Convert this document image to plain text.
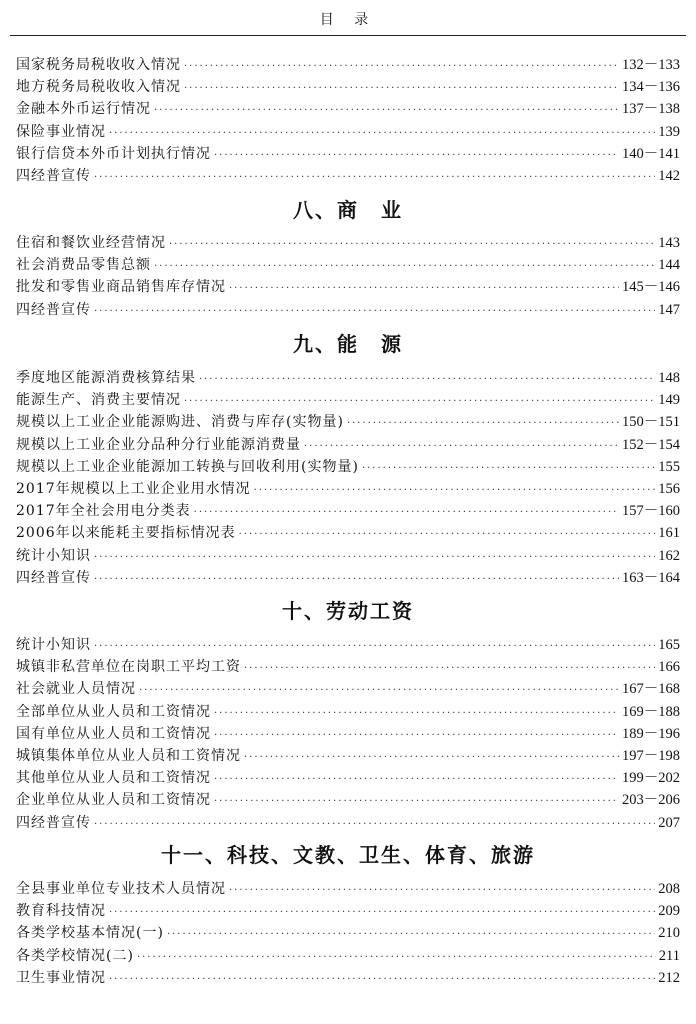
目 录
国家税务局税收收入情况 ·····	132－133
地方税务局税收收入情况 ·····	134－136
金融本外币运行情况 ·····	137－138
保险事业情况 ·····	139
银行信贷本外币计划执行情况 ·····	140－141
四经普宣传 ·····	142
八、商　业
住宿和餐饮业经营情况 ·····	143
社会消费品零售总额 ·····	144
批发和零售业商品销售库存情况 ·····	145－146
四经普宣传 ·····	147
九、能　源
季度地区能源消费核算结果 ·····	148
能源生产、消费主要情况 ·····	149
规模以上工业企业能源购进、消费与库存(实物量) ·····	150－151
规模以上工业企业分品种分行业能源消费量 ·····	152－154
规模以上工业企业能源加工转换与回收利用(实物量) ·····	155
2017年规模以上工业企业用水情况 ·····	156
2017年全社会用电分类表 ·····	157－160
2006年以来能耗主要指标情况表 ·····	161
统计小知识 ·····	162
四经普宣传 ·····	163－164
十、劳动工资
统计小知识 ·····	165
城镇非私营单位在岗职工平均工资 ·····	166
社会就业人员情况 ·····	167－168
全部单位从业人员和工资情况 ·····	169－188
国有单位从业人员和工资情况 ·····	189－196
城镇集体单位从业人员和工资情况 ·····	197－198
其他单位从业人员和工资情况 ·····	199－202
企业单位从业人员和工资情况 ·····	203－206
四经普宣传 ·····	207
十一、科技、文教、卫生、体育、旅游
全县事业单位专业技术人员情况 ·····	208
教育科技情况 ·····	209
各类学校基本情况(一) ·····	210
各类学校情况(二) ·····	211
卫生事业情况 ·····	212
